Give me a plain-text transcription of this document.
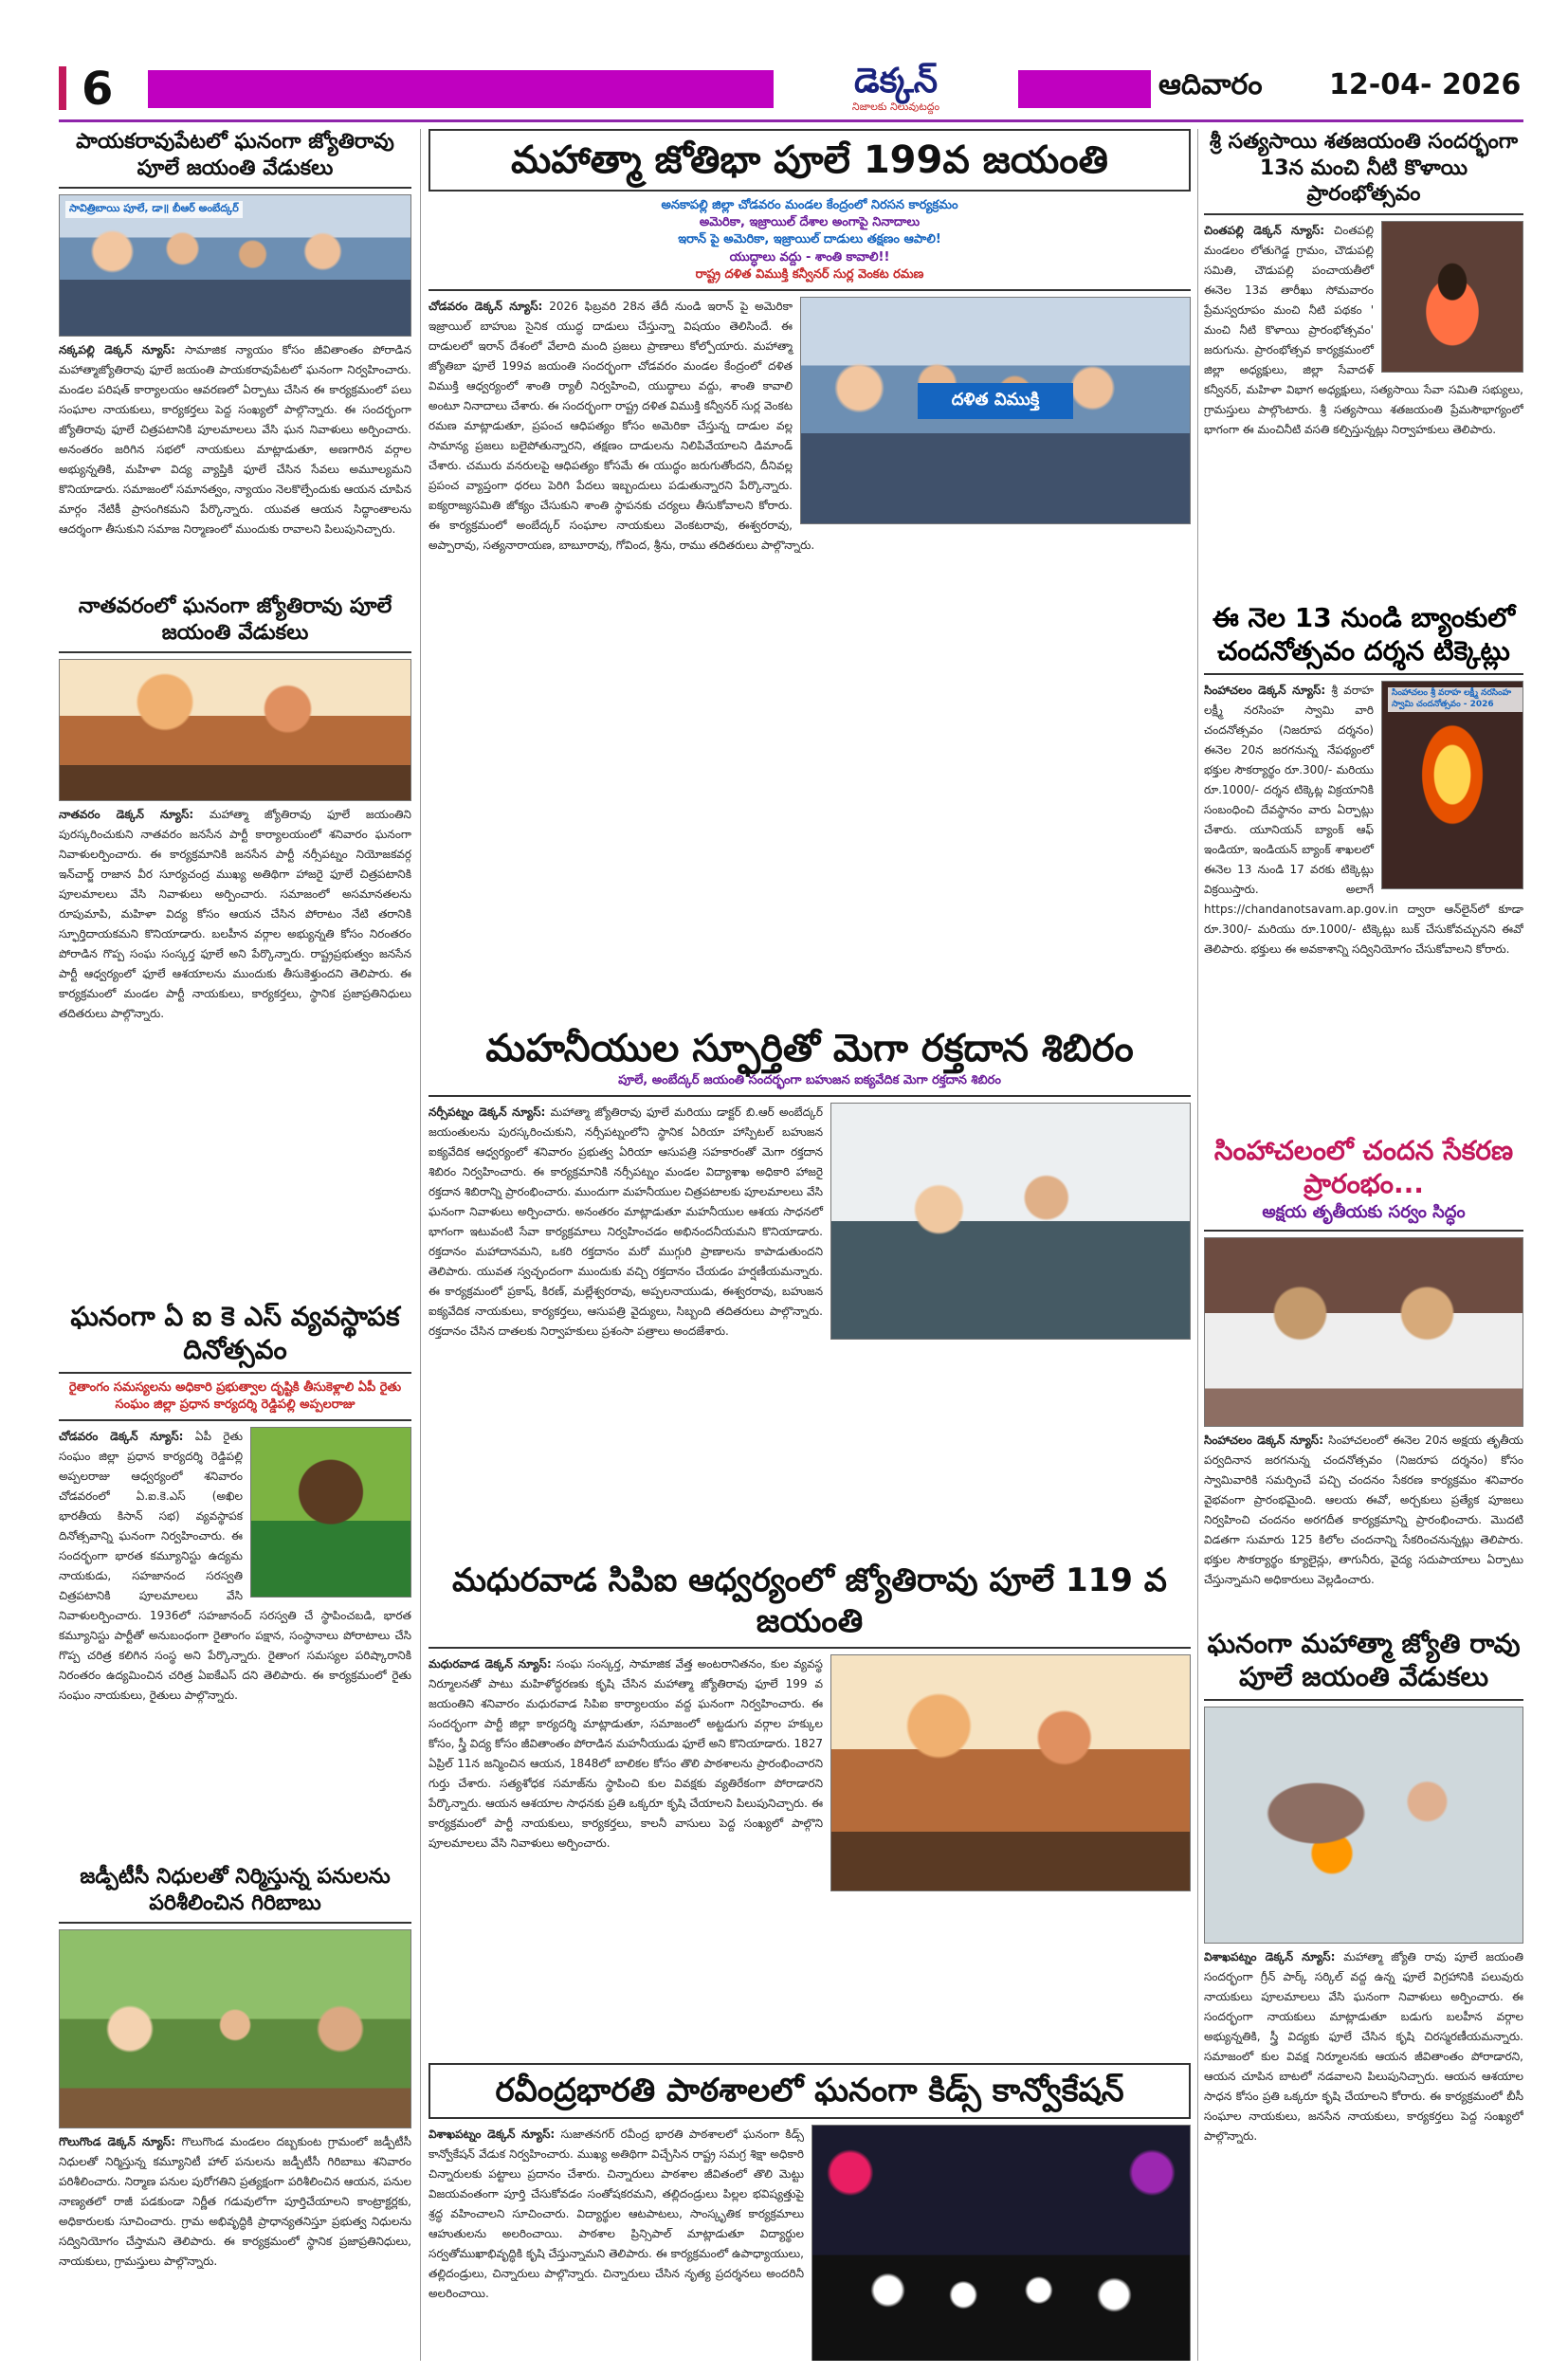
6	డెక్కన్
నిజాలకు నిలువుటద్దం
ఆదివారం 12-04- 2026
పాయకరావుపేటలో ఘనంగా జ్యోతిరావు పూలే జయంతి వేడుకలు
సావిత్రిబాయి పూలే, డా॥ బీఆర్ అంబేద్కర్

నక్కపల్లి డెక్కన్ న్యూస్: సామాజిక న్యాయం కోసం జీవితాంతం పోరాడిన మహాత్మాజ్యోతిరావు ఫూలే జయంతి పాయకరావుపేటలో ఘనంగా నిర్వహించారు. మండల పరిషత్ కార్యాలయం ఆవరణలో ఏర్పాటు చేసిన ఈ కార్యక్రమంలో పలు సంఘాల నాయకులు, కార్యకర్తలు పెద్ద సంఖ్యలో పాల్గొన్నారు. ఈ సందర్భంగా జ్యోతిరావు ఫూలే చిత్రపటానికి పూలమాలలు వేసి ఘన నివాళులు అర్పించారు. అనంతరం జరిగిన సభలో నాయకులు మాట్లాడుతూ, అణగారిన వర్గాల అభ్యున్నతికి, మహిళా విద్య వ్యాప్తికి ఫూలే చేసిన సేవలు అమూల్యమని కొనియాడారు. సమాజంలో సమానత్వం, న్యాయం నెలకొల్పేందుకు ఆయన చూపిన మార్గం నేటికీ ప్రాసంగికమని పేర్కొన్నారు. యువత ఆయన సిద్ధాంతాలను ఆదర్శంగా తీసుకుని సమాజ నిర్మాణంలో ముందుకు రావాలని పిలుపునిచ్చారు.

నాతవరంలో ఘనంగా జ్యోతిరావు పూలే జయంతి వేడుకలు

నాతవరం డెక్కన్ న్యూస్: మహాత్మా జ్యోతిరావు ఫూలే జయంతిని పురస్కరించుకుని నాతవరం జనసేన పార్టీ కార్యాలయంలో శనివారం ఘనంగా నివాళులర్పించారు. ఈ కార్యక్రమానికి జనసేన పార్టీ నర్సీపట్నం నియోజకవర్గ ఇన్‌చార్జ్ రాజాన వీర సూర్యచంద్ర ముఖ్య అతిథిగా హాజరై ఫూలే చిత్రపటానికి పూలమాలలు వేసి నివాళులు అర్పించారు. సమాజంలో అసమానతలను రూపుమాపి, మహిళా విద్య కోసం ఆయన చేసిన పోరాటం నేటి తరానికి స్ఫూర్తిదాయకమని కొనియాడారు. బలహీన వర్గాల అభ్యున్నతి కోసం నిరంతరం పోరాడిన గొప్ప సంఘ సంస్కర్త ఫూలే అని పేర్కొన్నారు. రాష్ట్రప్రభుత్వం జనసేన పార్టీ ఆధ్వర్యంలో ఫూలే ఆశయాలను ముందుకు తీసుకెళ్తుందని తెలిపారు. ఈ కార్యక్రమంలో మండల పార్టీ నాయకులు, కార్యకర్తలు, స్థానిక ప్రజాప్రతినిధులు తదితరులు పాల్గొన్నారు.

ఘనంగా ఏ ఐ కె ఎస్ వ్యవస్థాపక దినోత్సవం
రైతాంగం సమస్యలను అధికారి ప్రభుత్వాల దృష్టికి తీసుకెళ్లాలి ఏపీ రైతు సంఘం జిల్లా ప్రధాన కార్యదర్శి రెడ్డిపల్లి అప్పలరాజు

చోడవరం డెక్కన్ న్యూస్: ఏపీ రైతు సంఘం జిల్లా ప్రధాన కార్యదర్శి రెడ్డిపల్లి అప్పలరాజు ఆధ్వర్యంలో శనివారం చోడవరంలో ఏ.ఐ.కె.ఎస్ (అఖిల భారతీయ కిసాన్ సభ) వ్యవస్థాపక దినోత్సవాన్ని ఘనంగా నిర్వహించారు. ఈ సందర్భంగా భారత కమ్యూనిస్టు ఉద్యమ నాయకుడు, సహజానంద సరస్వతి చిత్రపటానికి పూలమాలలు వేసి నివాళులర్పించారు. 1936లో సహజానంద్ సరస్వతి చే స్థాపించబడి, భారత కమ్యూనిస్టు పార్టీతో అనుబంధంగా రైతాంగం పక్షాన, సంస్థానాలు పోరాటాలు చేసి గొప్ప చరిత్ర కలిగిన సంస్థ అని పేర్కొన్నారు. రైతాంగ సమస్యల పరిష్కారానికి నిరంతరం ఉద్యమించిన చరిత్ర ఏఐకేఎస్ దని తెలిపారు. ఈ కార్యక్రమంలో రైతు సంఘం నాయకులు, రైతులు పాల్గొన్నారు.

జడ్పీటీసీ నిధులతో నిర్మిస్తున్న పనులను పరిశీలించిన గిరిబాబు

గొలుగొండ డెక్కన్ న్యూస్: గొలుగొండ మండలం దబ్బకుంట గ్రామంలో జడ్పీటీసీ నిధులతో నిర్మిస్తున్న కమ్యూనిటీ హాల్ పనులను జడ్పీటీసీ గిరిబాబు శనివారం పరిశీలించారు. నిర్మాణ పనుల పురోగతిని ప్రత్యక్షంగా పరిశీలించిన ఆయన, పనుల నాణ్యతలో రాజీ పడకుండా నిర్ణీత గడువులోగా పూర్తిచేయాలని కాంట్రాక్టర్లకు, అధికారులకు సూచించారు. గ్రామ అభివృద్ధికి ప్రాధాన్యతనిస్తూ ప్రభుత్వ నిధులను సద్వినియోగం చేస్తామని తెలిపారు. ఈ కార్యక్రమంలో స్థానిక ప్రజాప్రతినిధులు, నాయకులు, గ్రామస్తులు పాల్గొన్నారు.

మహాత్మా జోతిభా పూలే 199వ జయంతి
అనకాపల్లి జిల్లా చోడవరం మండల కేంద్రంలో నిరసన కార్యక్రమం
అమెరికా, ఇజ్రాయిల్ దేశాల అంగాపై నినాదాలు
ఇరాన్ పై అమెరికా, ఇజ్రాయిల్ దాడులు తక్షణం ఆపాలి!
యుద్ధాలు వద్దు - శాంతి కావాలి!!
రాష్ట్ర దళిత విముక్తి కన్వీనర్ సుర్ల వెంకట రమణ
దళిత విముక్తి

చోడవరం డెక్కన్ న్యూస్: 2026 ఫిబ్రవరి 28న తేదీ నుండి ఇరాన్ పై అమెరికా ఇజ్రాయిల్ బాహుబ సైనిక యుద్ధ దాడులు చేస్తున్నా విషయం తెలిసిందే. ఈ దాడులలో ఇరాన్ దేశంలో వేలాది మంది ప్రజలు ప్రాణాలు కోల్పోయారు. మహాత్మా జ్యోతిబా ఫూలే 199వ జయంతి సందర్భంగా చోడవరం మండల కేంద్రంలో దళిత విముక్తి ఆధ్వర్యంలో శాంతి ర్యాలీ నిర్వహించి, యుద్ధాలు వద్దు, శాంతి కావాలి అంటూ నినాదాలు చేశారు. ఈ సందర్భంగా రాష్ట్ర దళిత విముక్తి కన్వీనర్ సుర్ల వెంకట రమణ మాట్లాడుతూ, ప్రపంచ ఆధిపత్యం కోసం అమెరికా చేస్తున్న దాడుల వల్ల సామాన్య ప్రజలు బలైపోతున్నారని, తక్షణం దాడులను నిలిపివేయాలని డిమాండ్ చేశారు. చమురు వనరులపై ఆధిపత్యం కోసమే ఈ యుద్ధం జరుగుతోందని, దీనివల్ల ప్రపంచ వ్యాప్తంగా ధరలు పెరిగి పేదలు ఇబ్బందులు పడుతున్నారని పేర్కొన్నారు. ఐక్యరాజ్యసమితి జోక్యం చేసుకుని శాంతి స్థాపనకు చర్యలు తీసుకోవాలని కోరారు. ఈ కార్యక్రమంలో అంబేద్కర్ సంఘాల నాయకులు వెంకటరావు, ఈశ్వరరావు, అప్పారావు, సత్యనారాయణ, బాబూరావు, గోవింద, శ్రీను, రాము తదితరులు పాల్గొన్నారు.

మహనీయుల స్ఫూర్తితో మెగా రక్తదాన శిబిరం
పూలే, అంబేద్కర్ జయంతి సందర్భంగా బహుజన ఐక్యవేదిక మెగా రక్తదాన శిబిరం

నర్సీపట్నం డెక్కన్ న్యూస్: మహాత్మా జ్యోతిరావు ఫూలే మరియు డాక్టర్ బి.ఆర్ అంబేద్కర్ జయంతులను పురస్కరించుకుని, నర్సీపట్నంలోని స్థానిక ఏరియా హాస్పిటల్ బహుజన ఐక్యవేదిక ఆధ్వర్యంలో శనివారం ప్రభుత్వ ఏరియా ఆసుపత్రి సహకారంతో మెగా రక్తదాన శిబిరం నిర్వహించారు. ఈ కార్యక్రమానికి నర్సీపట్నం మండల విద్యాశాఖ అధికారి హాజరై రక్తదాన శిబిరాన్ని ప్రారంభించారు. ముందుగా మహనీయుల చిత్రపటాలకు పూలమాలలు వేసి ఘనంగా నివాళులు అర్పించారు. అనంతరం మాట్లాడుతూ మహనీయుల ఆశయ సాధనలో భాగంగా ఇటువంటి సేవా కార్యక్రమాలు నిర్వహించడం అభినందనీయమని కొనియాడారు. రక్తదానం మహాదానమని, ఒకరి రక్తదానం మరో ముగ్గురి ప్రాణాలను కాపాడుతుందని తెలిపారు. యువత స్వచ్ఛందంగా ముందుకు వచ్చి రక్తదానం చేయడం హర్షణీయమన్నారు. ఈ కార్యక్రమంలో ప్రకాష్, కిరణ్, మల్లేశ్వరరావు, అప్పలనాయుడు, ఈశ్వరరావు, బహుజన ఐక్యవేదిక నాయకులు, కార్యకర్తలు, ఆసుపత్రి వైద్యులు, సిబ్బంది తదితరులు పాల్గొన్నారు. రక్తదానం చేసిన దాతలకు నిర్వాహకులు ప్రశంసా పత్రాలు అందజేశారు.

మధురవాడ సిపిఐ ఆధ్వర్యంలో జ్యోతిరావు పూలే 119 వ జయంతి

మధురవాడ డెక్కన్ న్యూస్: సంఘ సంస్కర్త, సామాజిక వేత్త అంటరానితనం, కుల వ్యవస్థ నిర్మూలనతో పాటు మహిళోద్ధరణకు కృషి చేసిన మహాత్మా జ్యోతిరావు ఫూలే 199 వ జయంతిని శనివారం మధురవాడ సిపిఐ కార్యాలయం వద్ద ఘనంగా నిర్వహించారు. ఈ సందర్భంగా పార్టీ జిల్లా కార్యదర్శి మాట్లాడుతూ, సమాజంలో అట్టడుగు వర్గాల హక్కుల కోసం, స్త్రీ విద్య కోసం జీవితాంతం పోరాడిన మహనీయుడు ఫూలే అని కొనియాడారు. 1827 ఏప్రిల్ 11న జన్మించిన ఆయన, 1848లో బాలికల కోసం తొలి పాఠశాలను ప్రారంభించారని గుర్తు చేశారు. సత్యశోధక సమాజ్‌ను స్థాపించి కుల వివక్షకు వ్యతిరేకంగా పోరాడారని పేర్కొన్నారు. ఆయన ఆశయాల సాధనకు ప్రతి ఒక్కరూ కృషి చేయాలని పిలుపునిచ్చారు. ఈ కార్యక్రమంలో పార్టీ నాయకులు, కార్యకర్తలు, కాలనీ వాసులు పెద్ద సంఖ్యలో పాల్గొని పూలమాలలు వేసి నివాళులు అర్పించారు.

రవీంద్రభారతి పాఠశాలలో ఘనంగా కిడ్స్ కాన్వోకేషన్

విశాఖపట్నం డెక్కన్ న్యూస్: సుజాతనగర్ రవీంద్ర భారతి పాఠశాలలో ఘనంగా కిడ్స్ కాన్వోకేషన్ వేడుక నిర్వహించారు. ముఖ్య అతిథిగా విచ్చేసిన రాష్ట్ర సమగ్ర శిక్షా అధికారి చిన్నారులకు పట్టాలు ప్రదానం చేశారు. చిన్నారులు పాఠశాల జీవితంలో తొలి మెట్టు విజయవంతంగా పూర్తి చేసుకోవడం సంతోషకరమని, తల్లిదండ్రులు పిల్లల భవిష్యత్తుపై శ్రద్ధ వహించాలని సూచించారు. విద్యార్థుల ఆటపాటలు, సాంస్కృతిక కార్యక్రమాలు ఆహుతులను అలరించాయి. పాఠశాల ప్రిన్సిపాల్ మాట్లాడుతూ విద్యార్థుల సర్వతోముఖాభివృద్ధికి కృషి చేస్తున్నామని తెలిపారు. ఈ కార్యక్రమంలో ఉపాధ్యాయులు, తల్లిదండ్రులు, చిన్నారులు పాల్గొన్నారు. చిన్నారులు చేసిన నృత్య ప్రదర్శనలు అందరినీ అలరించాయి.

శ్రీ సత్యసాయి శతజయంతి సందర్భంగా 13న మంచి నీటి కొళాయి ప్రారంభోత్సవం

చింతపల్లి డెక్కన్ న్యూస్: చింతపల్లి మండలం లోతుగెడ్డ గ్రామం, చౌడుపల్లి సమితి, చౌడుపల్లి పంచాయతీలో ఈనెల 13వ తారీఖు సోమవారం ప్రేమస్వరూపం మంచి నీటి పథకం ' మంచి నీటి కొళాయి ప్రారంభోత్సవం' జరుగును. ప్రారంభోత్సవ కార్యక్రమంలో జిల్లా అధ్యక్షులు, జిల్లా సేవాదళ్ కన్వీనర్, మహిళా విభాగ అధ్యక్షులు, సత్యసాయి సేవా సమితి సభ్యులు, గ్రామస్తులు పాల్గొంటారు. శ్రీ సత్యసాయి శతజయంతి ప్రేమసౌభాగ్యంలో భాగంగా ఈ మంచినీటి వసతి కల్పిస్తున్నట్లు నిర్వాహకులు తెలిపారు.

ఈ నెల 13 నుండి బ్యాంకులో చందనోత్సవం దర్శన టిక్కెట్లు
సింహాచలం శ్రీ వరాహ లక్ష్మీ నరసింహ స్వామి చందనోత్సవం - 2026

సింహాచలం డెక్కన్ న్యూస్: శ్రీ వరాహ లక్ష్మీ నరసింహ స్వామి వారి చందనోత్సవం (నిజరూప దర్శనం) ఈనెల 20న జరగనున్న నేపథ్యంలో భక్తుల సౌకర్యార్థం రూ.300/- మరియు రూ.1000/- దర్శన టిక్కెట్ల విక్రయానికి సంబంధించి దేవస్థానం వారు ఏర్పాట్లు చేశారు. యూనియన్ బ్యాంక్ ఆఫ్ ఇండియా, ఇండియన్ బ్యాంక్ శాఖలలో ఈనెల 13 నుండి 17 వరకు టిక్కెట్లు విక్రయిస్తారు. అలాగే https://chandanotsavam.ap.gov.in ద్వారా ఆన్‌లైన్‌లో కూడా రూ.300/- మరియు రూ.1000/- టిక్కెట్లు బుక్ చేసుకోవచ్చునని ఈవో తెలిపారు. భక్తులు ఈ అవకాశాన్ని సద్వినియోగం చేసుకోవాలని కోరారు.

సింహాచలంలో చందన సేకరణ ప్రారంభం...
అక్షయ తృతీయకు సర్వం సిద్ధం

సింహాచలం డెక్కన్ న్యూస్: సింహాచలంలో ఈనెల 20న అక్షయ తృతీయ పర్వదినాన జరగనున్న చందనోత్సవం (నిజరూప దర్శనం) కోసం స్వామివారికి సమర్పించే పచ్చి చందనం సేకరణ కార్యక్రమం శనివారం వైభవంగా ప్రారంభమైంది. ఆలయ ఈవో, అర్చకులు ప్రత్యేక పూజలు నిర్వహించి చందనం అరగదీత కార్యక్రమాన్ని ప్రారంభించారు. మొదటి విడతగా సుమారు 125 కిలోల చందనాన్ని సేకరించనున్నట్లు తెలిపారు. భక్తుల సౌకర్యార్థం క్యూలైన్లు, తాగునీరు, వైద్య సదుపాయాలు ఏర్పాటు చేస్తున్నామని అధికారులు వెల్లడించారు.

ఘనంగా మహాత్మా జ్యోతి రావు పూలే జయంతి వేడుకలు

విశాఖపట్నం డెక్కన్ న్యూస్: మహాత్మా జ్యోతి రావు పూలే జయంతి సందర్భంగా గ్రీన్ పార్క్ సర్కిల్ వద్ద ఉన్న ఫూలే విగ్రహానికి పలువురు నాయకులు పూలమాలలు వేసి ఘనంగా నివాళులు అర్పించారు. ఈ సందర్భంగా నాయకులు మాట్లాడుతూ బడుగు బలహీన వర్గాల అభ్యున్నతికి, స్త్రీ విద్యకు ఫూలే చేసిన కృషి చిరస్మరణీయమన్నారు. సమాజంలో కుల వివక్ష నిర్మూలనకు ఆయన జీవితాంతం పోరాడారని, ఆయన చూపిన బాటలో నడవాలని పిలుపునిచ్చారు. ఆయన ఆశయాల సాధన కోసం ప్రతి ఒక్కరూ కృషి చేయాలని కోరారు. ఈ కార్యక్రమంలో బీసీ సంఘాల నాయకులు, జనసేన నాయకులు, కార్యకర్తలు పెద్ద సంఖ్యలో పాల్గొన్నారు.
